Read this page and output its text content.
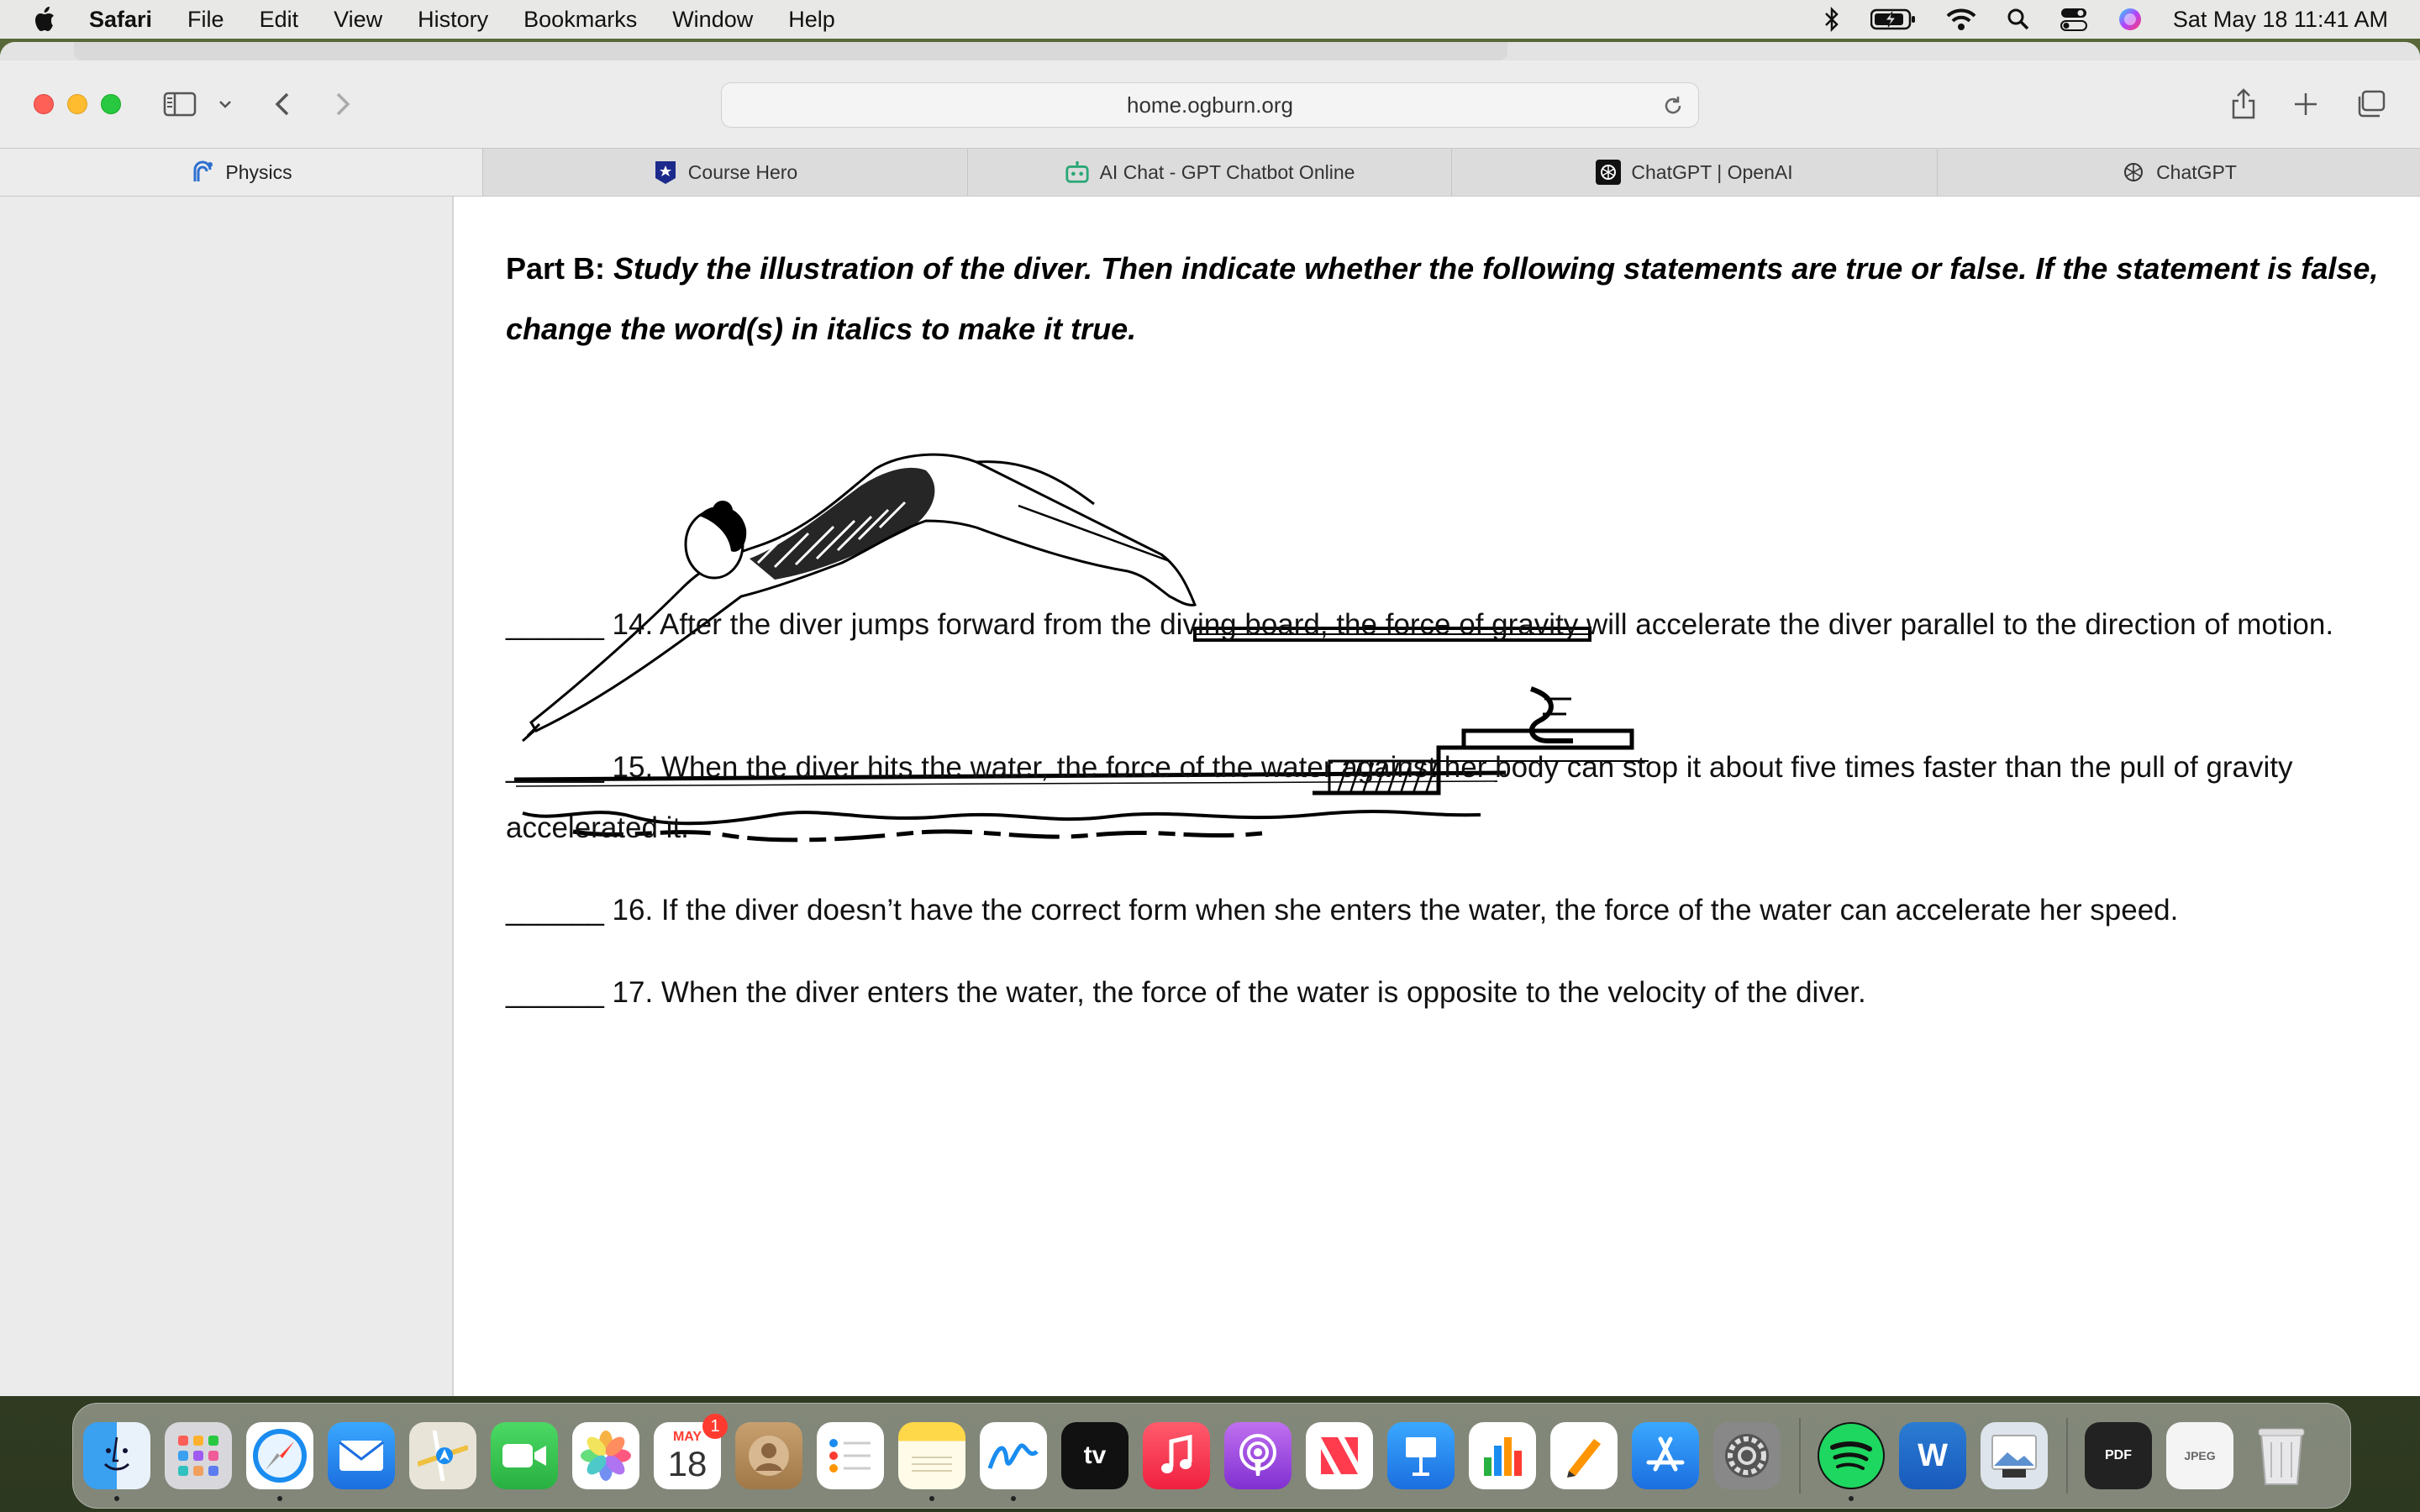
Safari File Edit View History Bookmarks Window Help	Sat May 18 11:41 AM
home.ogburn.org
Physics	Course Hero	AI Chat - GPT Chatbot Online	ChatGPT | OpenAI	ChatGPT
Part B: Study the illustration of the diver. Then indicate whether the following statements are true or false. If the statement is false, change the word(s) in italics to make it true.
______ 14. After the diver jumps forward from the diving board, the force of gravity will accelerate the diver parallel to the direction of motion.
______ 15. When the diver hits the water, the force of the water against her body can stop it about five times faster than the pull of gravity accelerated it.
______ 16. If the diver doesn’t have the correct form when she enters the water, the force of the water can accelerate her speed.
______ 17. When the diver enters the water, the force of the water is opposite to the velocity of the diver.
MAY
18
1
tv	W	PDF	JPEG
